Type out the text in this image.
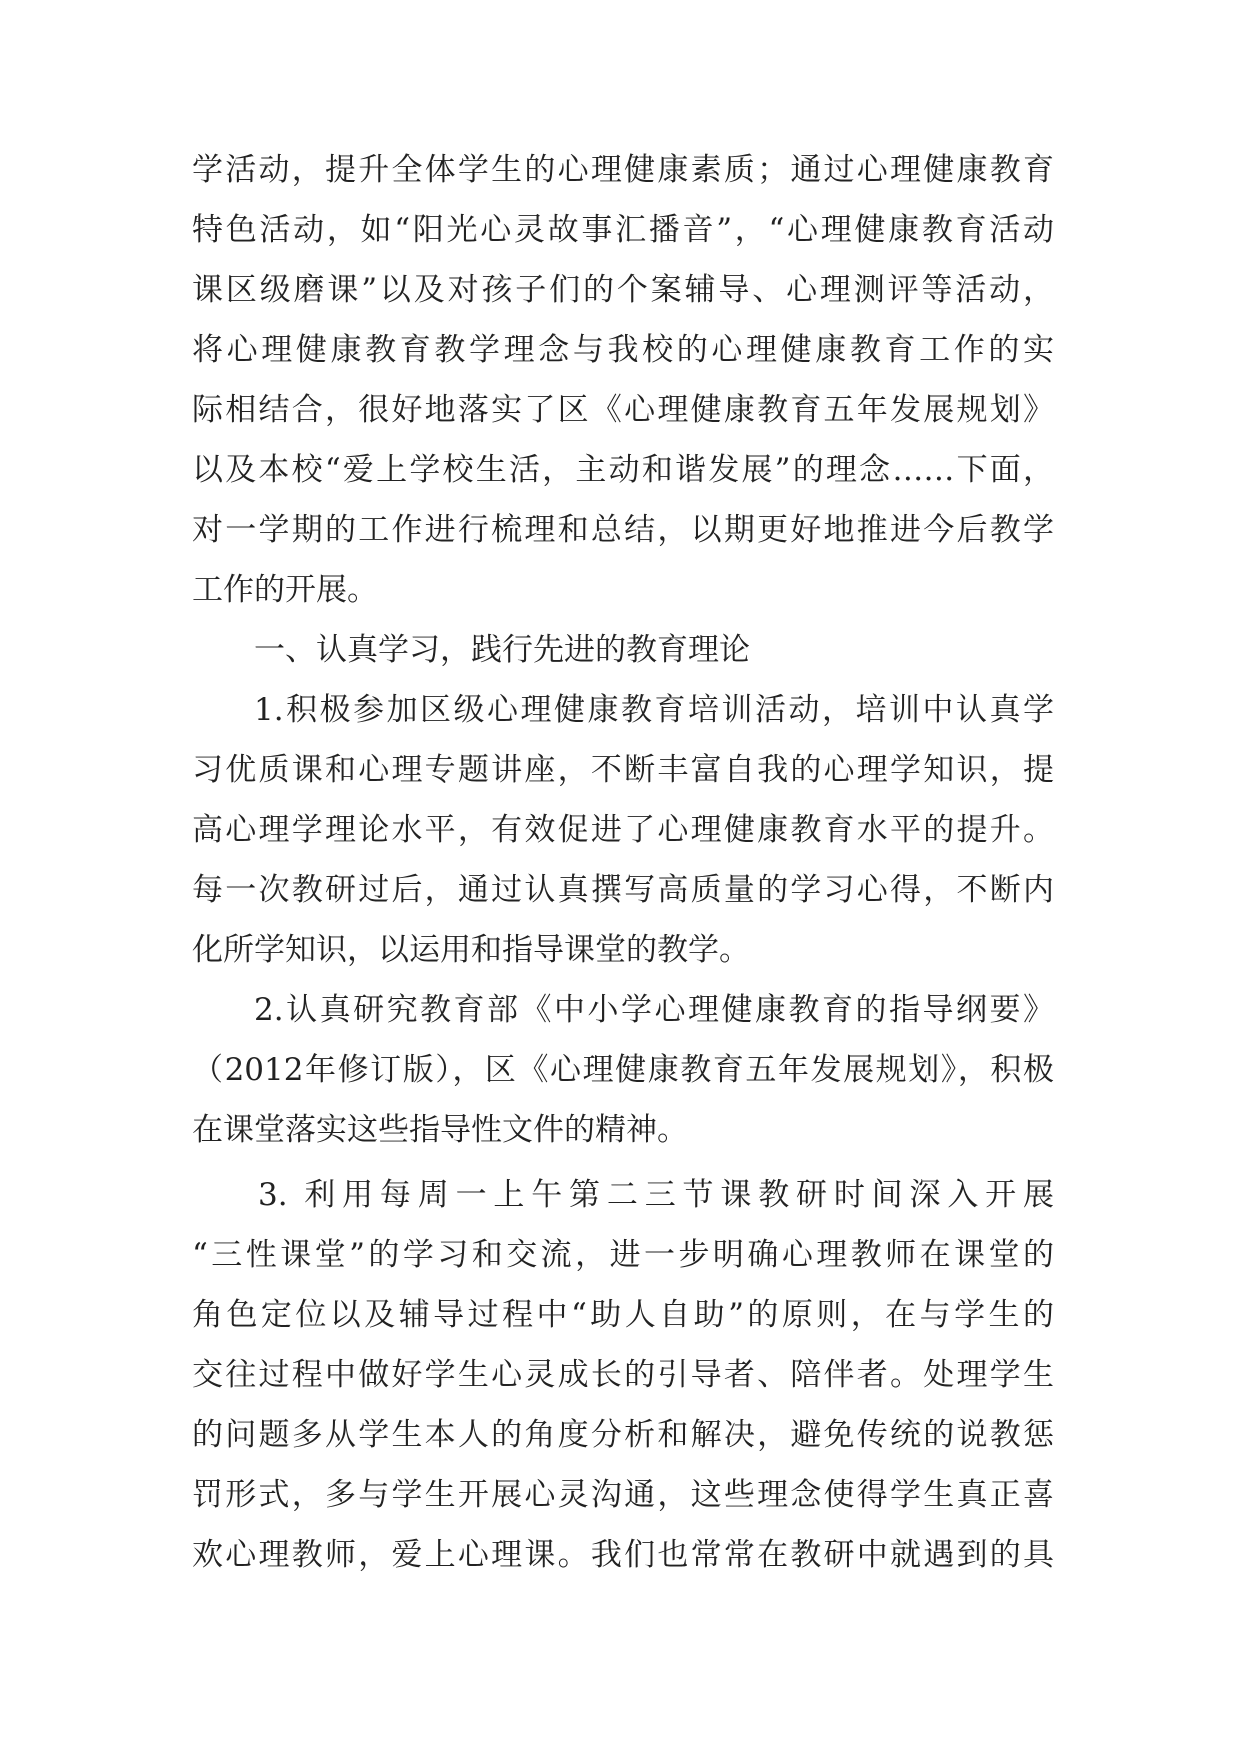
学活动，提升全体学生的心理健康素质；通过心理健康教育

特色活动，如“阳光心灵故事汇播音”，“心理健康教育活动

课区级磨课”以及对孩子们的个案辅导、心理测评等活动，

将心理健康教育教学理念与我校的心理健康教育工作的实

际相结合，很好地落实了区《心理健康教育五年发展规划》

以及本校“爱上学校生活，主动和谐发展”的理念……下面，

对一学期的工作进行梳理和总结，以期更好地推进今后教学

工作的开展。

一、认真学习，践行先进的教育理论

1.积极参加区级心理健康教育培训活动，培训中认真学

习优质课和心理专题讲座，不断丰富自我的心理学知识，提

高心理学理论水平，有效促进了心理健康教育水平的提升。

每一次教研过后，通过认真撰写高质量的学习心得，不断内

化所学知识，以运用和指导课堂的教学。

2.认真研究教育部《中小学心理健康教育的指导纲要》

（2012年修订版），区《心理健康教育五年发展规划》，积极

在课堂落实这些指导性文件的精神。

3. 利用每周一上午第二三节课教研时间深入开展

“三性课堂”的学习和交流，进一步明确心理教师在课堂的

角色定位以及辅导过程中“助人自助”的原则，在与学生的

交往过程中做好学生心灵成长的引导者、陪伴者。处理学生

的问题多从学生本人的角度分析和解决，避免传统的说教惩

罚形式，多与学生开展心灵沟通，这些理念使得学生真正喜

欢心理教师，爱上心理课。我们也常常在教研中就遇到的具
